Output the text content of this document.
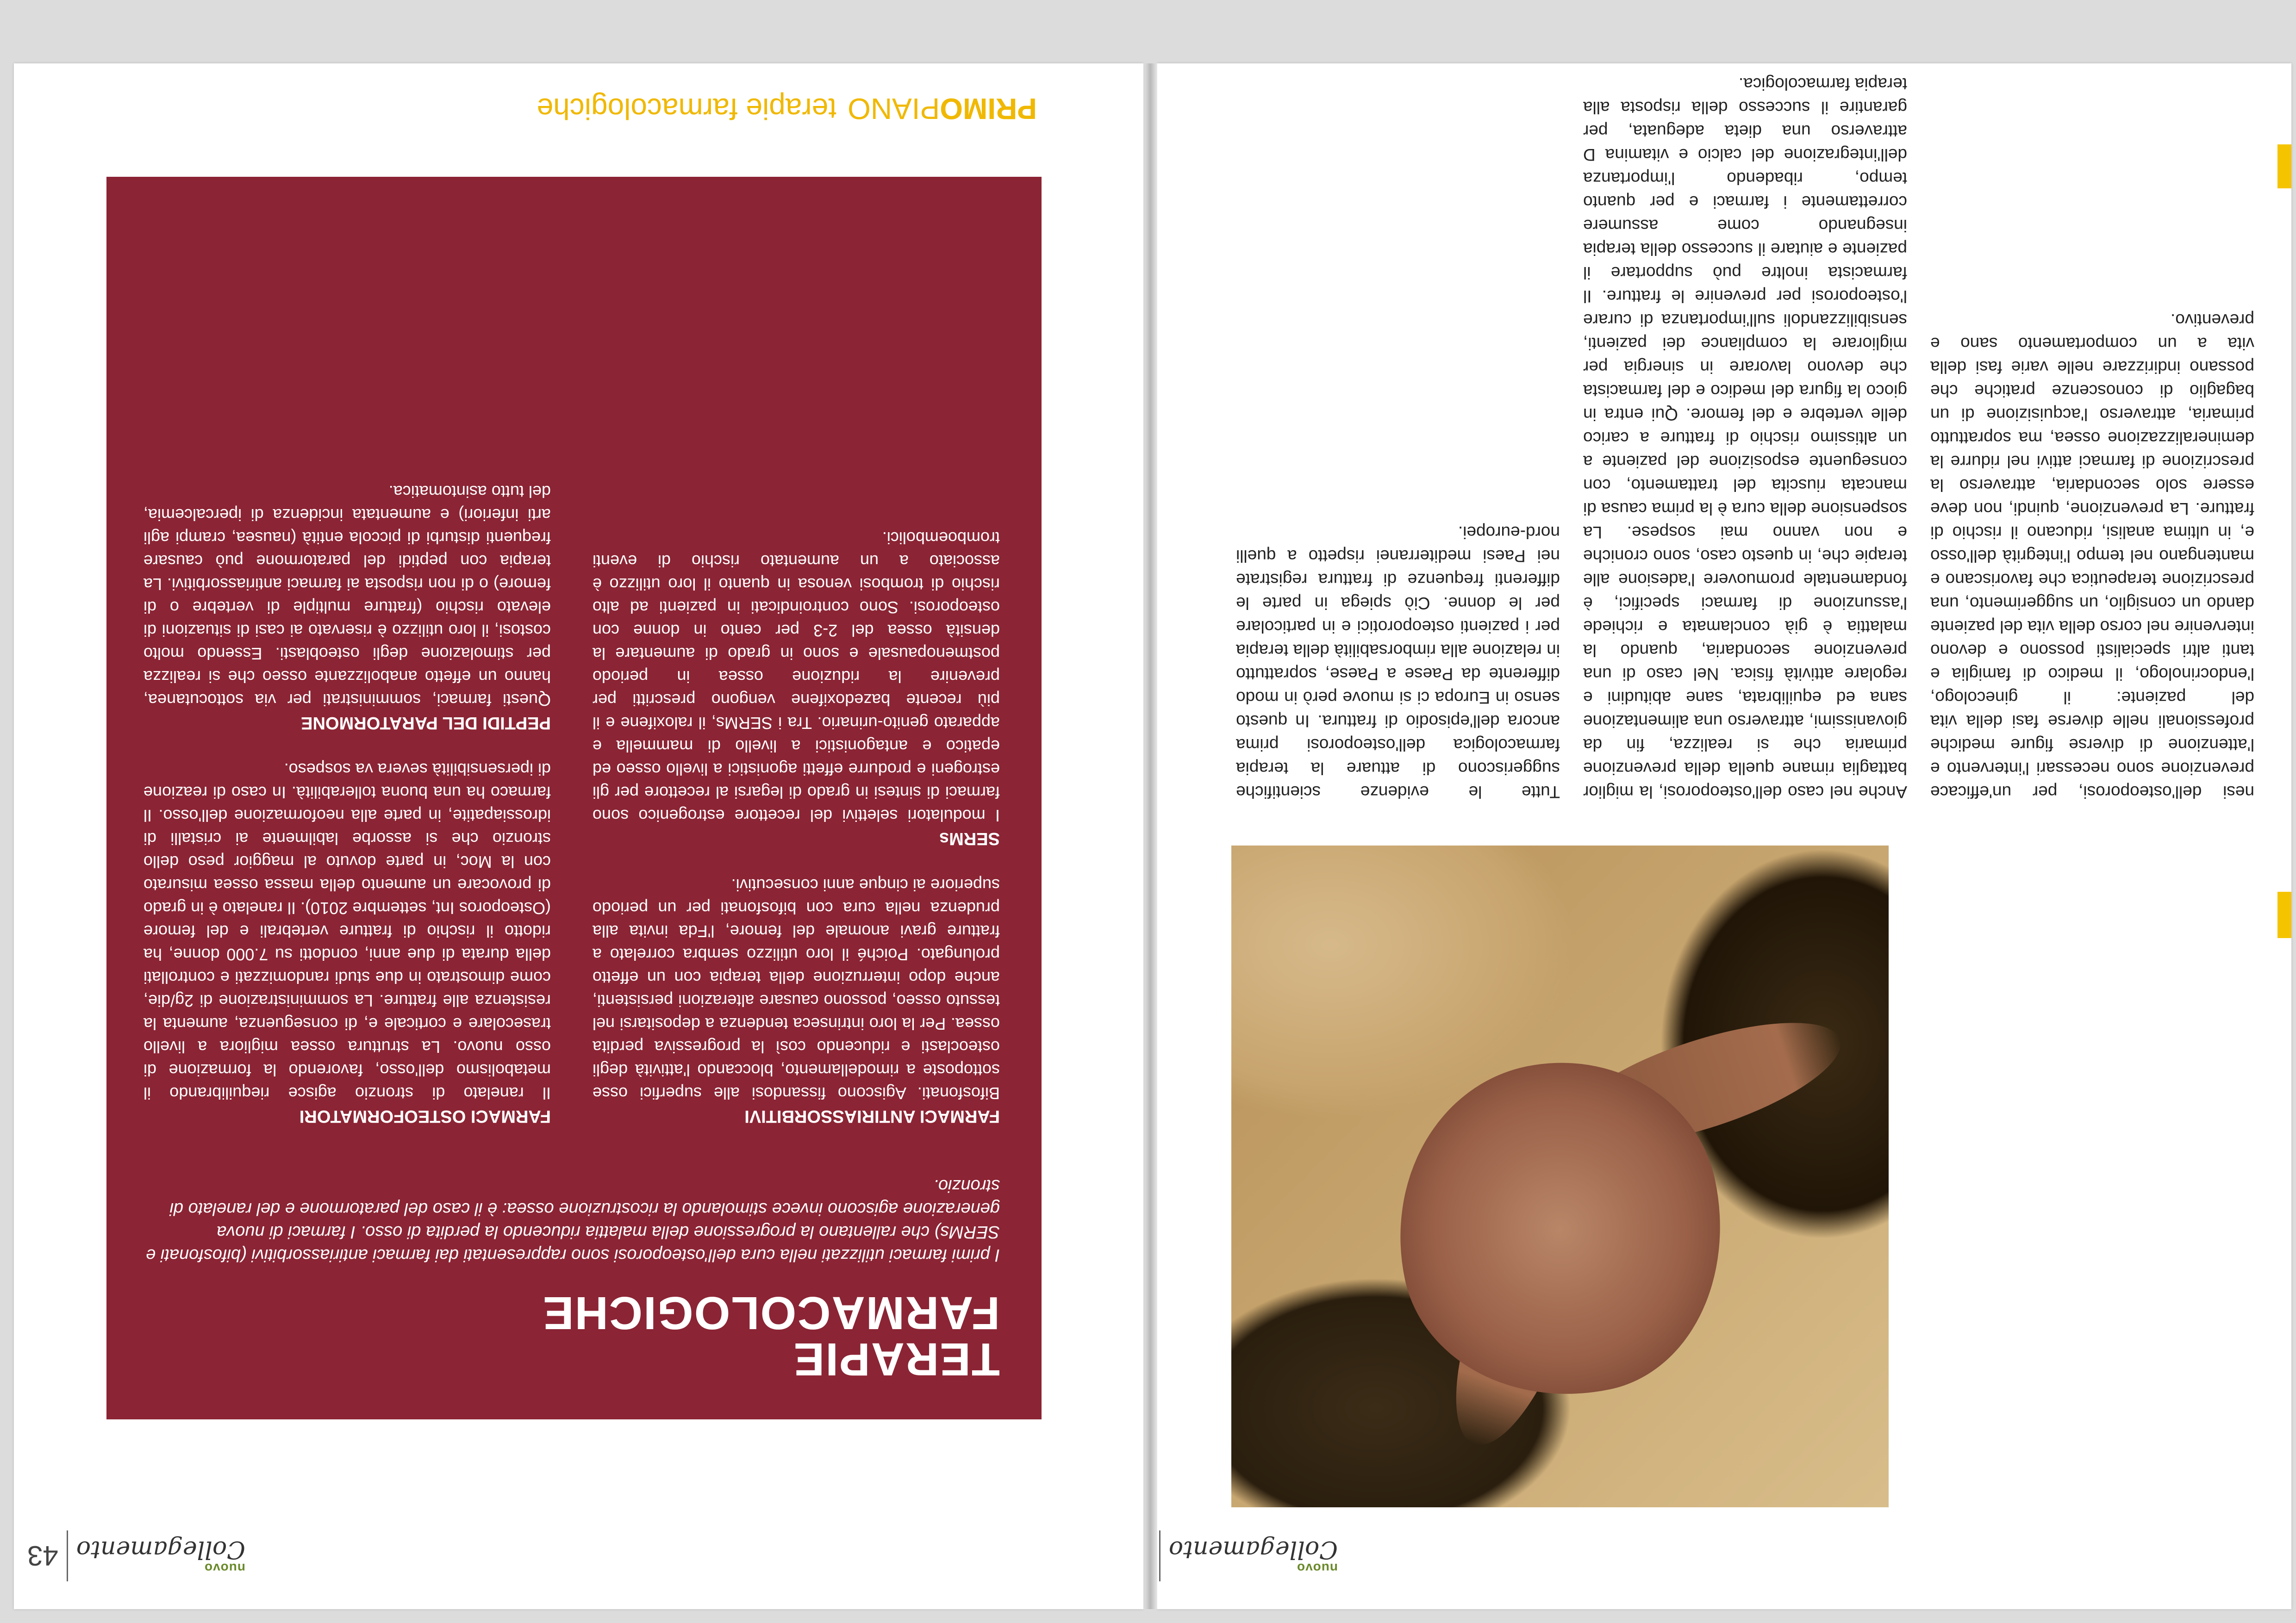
nuovo
Collegamento

nesi dell'osteoporosi, per un'efficace prevenzione sono necessari l'intervento e l'attenzione di diverse figure mediche professionali nelle diverse fasi della vita del paziente: il ginecologo, l'endocrinologo, il medico di famiglia e tanti altri specialisti possono e devono intervenire nel corso della vita del paziente dando un consiglio, un suggerimento, una prescrizione terapeutica che favoriscano e mantengano nel tempo l'integrità dell'osso e, in ultima analisi, riducano il rischio di fratture. La prevenzione, quindi, non deve essere solo secondaria, attraverso la prescrizione di farmaci attivi nel ridurre la demineralizzazione ossea, ma soprattutto primaria, attraverso l'acquisizione di un bagaglio di conoscenze pratiche che possano indirizzare nelle varie fasi della vita a un comportamento sano e preventivo.

Anche nel caso dell'osteoporosi, la miglior battaglia rimane quella della prevenzione primaria che si realizza, fin da giovanissimi, attraverso una alimentazione sana ed equilibrata, sane abitudini e regolare attività fisica. Nel caso di una prevenzione secondaria, quando la malattia è già conclamata e richiede l'assunzione di farmaci specifici, è fondamentale promuovere l'adesione alle terapie che, in questo caso, sono croniche e non vanno mai sospese. La sospensione della cura è la prima causa di mancata riuscita del trattamento, con conseguente esposizione del paziente a un altissimo rischio di fratture a carico delle vertebre e del femore. Qui entra in gioco la figura del medico e del farmacista che devono lavorare in sinergia per migliorare la compliance dei pazienti, sensibilizzandoli sull'importanza di curare l'osteoporosi per prevenire le fratture. Il farmacista inoltre può supportare il paziente e aiutare il successo della terapia insegnando come assumere correttamente i farmaci e per quanto tempo, ribadendo l'importanza dell'integrazione del calcio e vitamina D attraverso una dieta adeguata, per garantire il successo della risposta alla terapia farmacologica.

Tutte le evidenze scientifiche suggeriscono di attuare la terapia farmacologica dell'osteoporosi prima ancora dell'episodio di frattura. In questo senso in Europa ci si muove però in modo differente da Paese a Paese, soprattutto in relazione alla rimborsabilità della terapia per i pazienti osteoporotici e in particolare per le donne. Ciò spiega in parte le differenti frequenze di frattura registrate nei Paesi mediterranei rispetto a quelli nord-europei.

nuovo
Collegamento
43
TERAPIE
FARMACOLOGICHE
I primi farmaci utilizzati nella cura dell'osteoporosi sono rappresentati dai farmaci antiriassorbitivi (bifosfonati e SERMs) che rallentano la progressione della malattia riducendo la perdita di osso. I farmaci di nuova generazione agiscono invece stimolando la ricostruzione ossea: è il caso del paratormone e del ranelato di stronzio.
FARMACI ANTIRIASSORBITIVI

Bifosfonati. Agiscono fissandosi alle superfici osse sottoposte a rimodellamento, bloccando l'attività degli osteoclasti e riducendo così la progressiva perdita ossea. Per la loro intrinseca tendenza a depositarsi nel tessuto osseo, possono causare alterazioni persistenti, anche dopo interruzione della terapia con un effetto prolungato. Poiché il loro utilizzo sembra correlato a fratture gravi anomale del femore, l'Fda invita alla prudenza nella cura con bifosfonati per un periodo superiore ai cinque anni consecutivi.

SERMs

I modulatori selettivi del recettore estrogenico sono farmaci di sintesi in grado di legarsi al recettore per gli estrogeni e produrre effetti agonistici a livello osseo ed epatico e antagonistici a livello di mammella e apparato genito-urinario. Tra i SERMs, il raloxifene e il più recente bazedoxifene vengono prescritti per prevenire la riduzione ossea in periodo postmenopausale e sono in grado di aumentare la densità ossea del 2-3 per cento in donne con osteoporosi. Sono controindicati in pazienti ad alto rischio di trombosi venosa in quanto il loro utilizzo è associato a un aumentato rischio di eventi tromboembolici.

FARMACI OSTEOFORMATORI

Il ranelato di stronzio agisce riequilibrando il metabolismo dell'osso, favorendo la formazione di osso nuovo. La struttura ossea migliora a livello trasecolare e corticale e, di conseguenza, aumenta la resistenza alle fratture. La somministrazione di 2g/die, come dimostrato in due studi randomizzati e controllati della durata di due anni, condotti su 7.000 donne, ha ridotto il rischio di fratture vertebrali e del femore (Osteoporos Int, settembre 2010). Il ranelato è in grado di provocare un aumento della massa ossea misurato con la Moc, in parte dovuto al maggior peso dello stronzio che si assorbe labilmente ai cristalli di idrossiapatite, in parte alla neoformazione dell'osso. Il farmaco ha una buona tollerabilità. In caso di reazione di ipersensibilità severa va sospeso.

PEPTIDI DEL PARATORMONE

Questi farmaci, somministrati per via sottocutanea, hanno un effetto anabolizzante osseo che si realizza per stimolazione degli osteoblasti. Essendo molto costosi, il loro utilizzo è riservato ai casi di situazioni di elevato rischio (fratture multiple di vertebre o di femore) o di non risposta ai farmaci antiriassorbitivi. La terapia con peptidi del paratormone può causare frequenti disturbi di piccola entità (nausea, crampi agli arti inferiori) e aumentata incidenza di ipercalcemia, del tutto asintomatica.

PRIMO
PIANO
terapie farmacologiche
